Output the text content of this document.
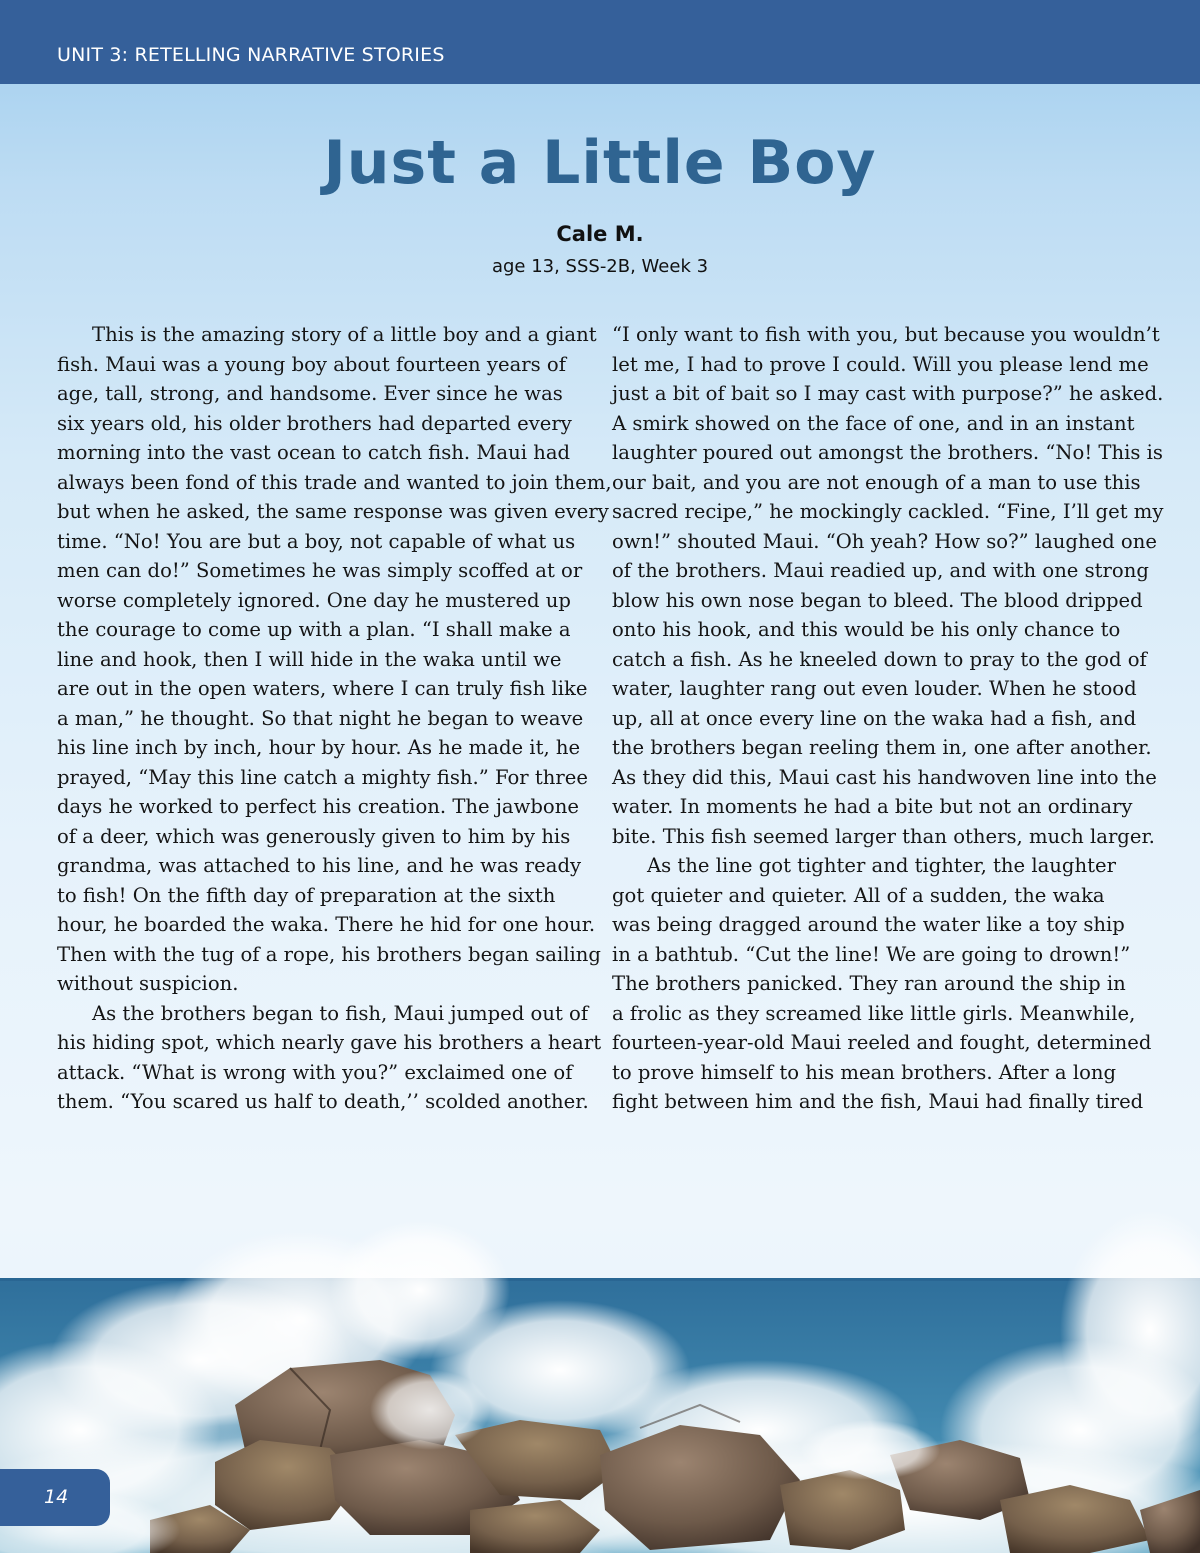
UNIT 3: RETELLING NARRATIVE STORIES
Just a Little Boy
Cale M.
age 13, SSS-2B, Week 3
This is the amazing story of a little boy and a giant
fish. Maui was a young boy about fourteen years of
age, tall, strong, and handsome. Ever since he was
six years old, his older brothers had departed every
morning into the vast ocean to catch fish. Maui had
always been fond of this trade and wanted to join them,
but when he asked, the same response was given every
time. “No! You are but a boy, not capable of what us
men can do!” Sometimes he was simply scoffed at or
worse completely ignored. One day he mustered up
the courage to come up with a plan. “I shall make a
line and hook, then I will hide in the waka until we
are out in the open waters, where I can truly fish like
a man,” he thought. So that night he began to weave
his line inch by inch, hour by hour. As he made it, he
prayed, “May this line catch a mighty fish.” For three
days he worked to perfect his creation. The jawbone
of a deer, which was generously given to him by his
grandma, was attached to his line, and he was ready
to fish! On the fifth day of preparation at the sixth
hour, he boarded the waka. There he hid for one hour.
Then with the tug of a rope, his brothers began sailing
without suspicion.
As the brothers began to fish, Maui jumped out of
his hiding spot, which nearly gave his brothers a heart
attack. “What is wrong with you?” exclaimed one of
them. “You scared us half to death,’’ scolded another.
“I only want to fish with you, but because you wouldn’t
let me, I had to prove I could. Will you please lend me
just a bit of bait so I may cast with purpose?” he asked.
A smirk showed on the face of one, and in an instant
laughter poured out amongst the brothers. “No! This is
our bait, and you are not enough of a man to use this
sacred recipe,” he mockingly cackled. “Fine, I’ll get my
own!” shouted Maui. “Oh yeah? How so?” laughed one
of the brothers. Maui readied up, and with one strong
blow his own nose began to bleed. The blood dripped
onto his hook, and this would be his only chance to
catch a fish. As he kneeled down to pray to the god of
water, laughter rang out even louder. When he stood
up, all at once every line on the waka had a fish, and
the brothers began reeling them in, one after another.
As they did this, Maui cast his handwoven line into the
water. In moments he had a bite but not an ordinary
bite. This fish seemed larger than others, much larger.
As the line got tighter and tighter, the laughter
got quieter and quieter. All of a sudden, the waka
was being dragged around the water like a toy ship
in a bathtub. “Cut the line! We are going to drown!”
The brothers panicked. They ran around the ship in
a frolic as they screamed like little girls. Meanwhile,
fourteen-year-old Maui reeled and fought, determined
to prove himself to his mean brothers. After a long
fight between him and the fish, Maui had finally tired
14
